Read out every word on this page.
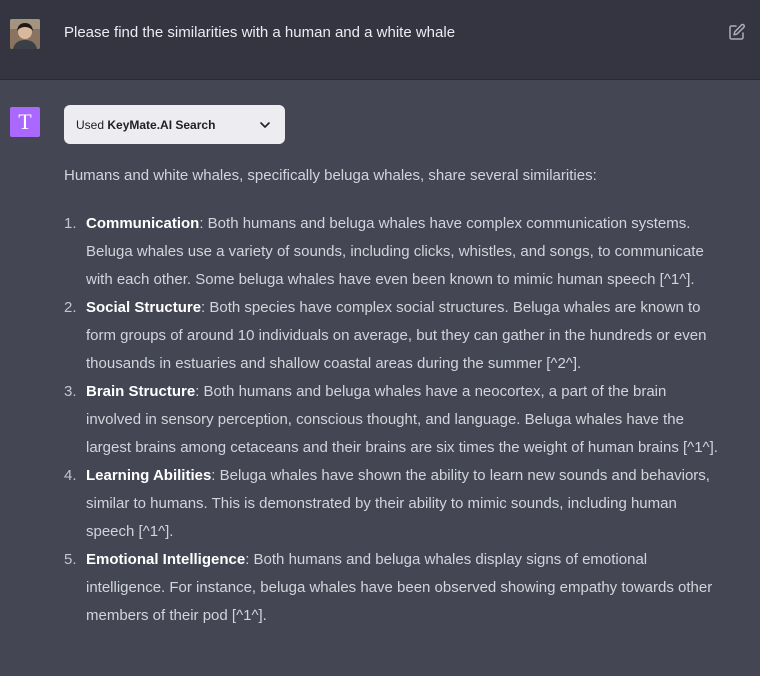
Please find the similarities with a human and a white whale
T	Used KeyMate.AI Search

Humans and white whales, specifically beluga whales, share several similarities:

1. Communication: Both humans and beluga whales have complex communication systems. Beluga whales use a variety of sounds, including clicks, whistles, and songs, to communicate with each other. Some beluga whales have even been known to mimic human speech [^1^].
2. Social Structure: Both species have complex social structures. Beluga whales are known to form groups of around 10 individuals on average, but they can gather in the hundreds or even thousands in estuaries and shallow coastal areas during the summer [^2^].
3. Brain Structure: Both humans and beluga whales have a neocortex, a part of the brain involved in sensory perception, conscious thought, and language. Beluga whales have the largest brains among cetaceans and their brains are six times the weight of human brains [^1^].
4. Learning Abilities: Beluga whales have shown the ability to learn new sounds and behaviors, similar to humans. This is demonstrated by their ability to mimic sounds, including human speech [^1^].
5. Emotional Intelligence: Both humans and beluga whales display signs of emotional intelligence. For instance, beluga whales have been observed showing empathy towards other members of their pod [^1^].
